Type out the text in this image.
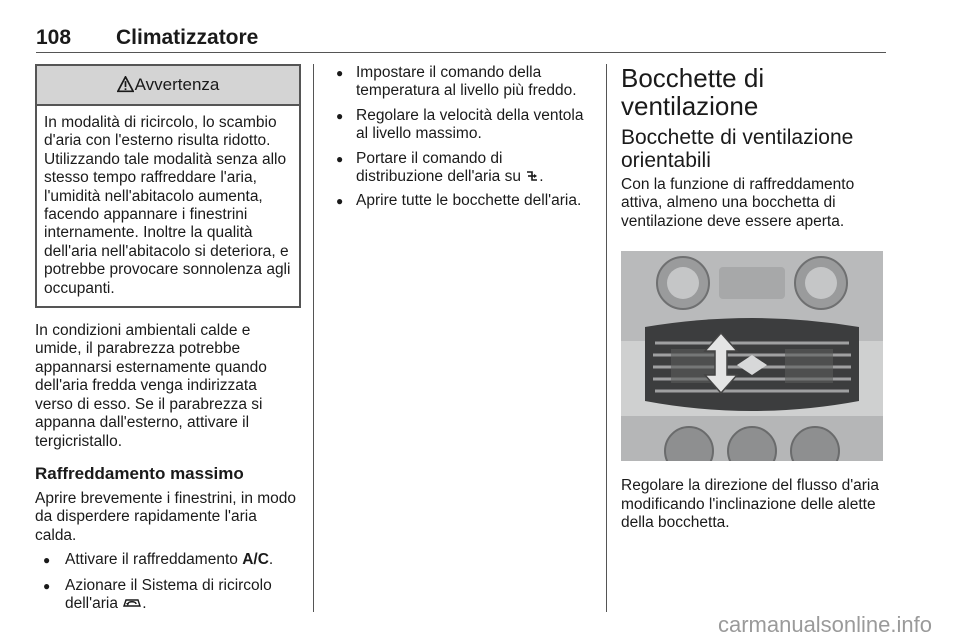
108 Climatizzatore
Avvertenza
In modalità di ricircolo, lo scambio d'aria con l'esterno risulta ridotto. Utilizzando tale modalità senza allo stesso tempo raffreddare l'aria, l'umidità nell'abitacolo aumenta, facendo appannare i finestrini internamente. Inoltre la qualità dell'aria nell'abitacolo si deteriora, e potrebbe provocare sonnolenza agli occupanti.

In condizioni ambientali calde e umide, il parabrezza potrebbe appannarsi esternamente quando dell'aria fredda venga indirizzata verso di esso. Se il parabrezza si appanna dall'esterno, attivare il tergicristallo.

Raffreddamento massimo

Aprire brevemente i finestrini, in modo da disperdere rapidamente l'aria calda.

● Attivare il raffreddamento A/C.
● Azionare il Sistema di ricircolo dell'aria .
● Impostare il comando della temperatura al livello più freddo.
● Regolare la velocità della ventola al livello massimo.
● Portare il comando di distribuzione dell'aria su .
● Aprire tutte le bocchette dell'aria.
Bocchette di ventilazione
Bocchette di ventilazione orientabili

Con la funzione di raffreddamento attiva, almeno una bocchetta di ventilazione deve essere aperta.

Regolare la direzione del flusso d'aria modificando l'inclinazione delle alette della bocchetta.

carmanualsonline.info
